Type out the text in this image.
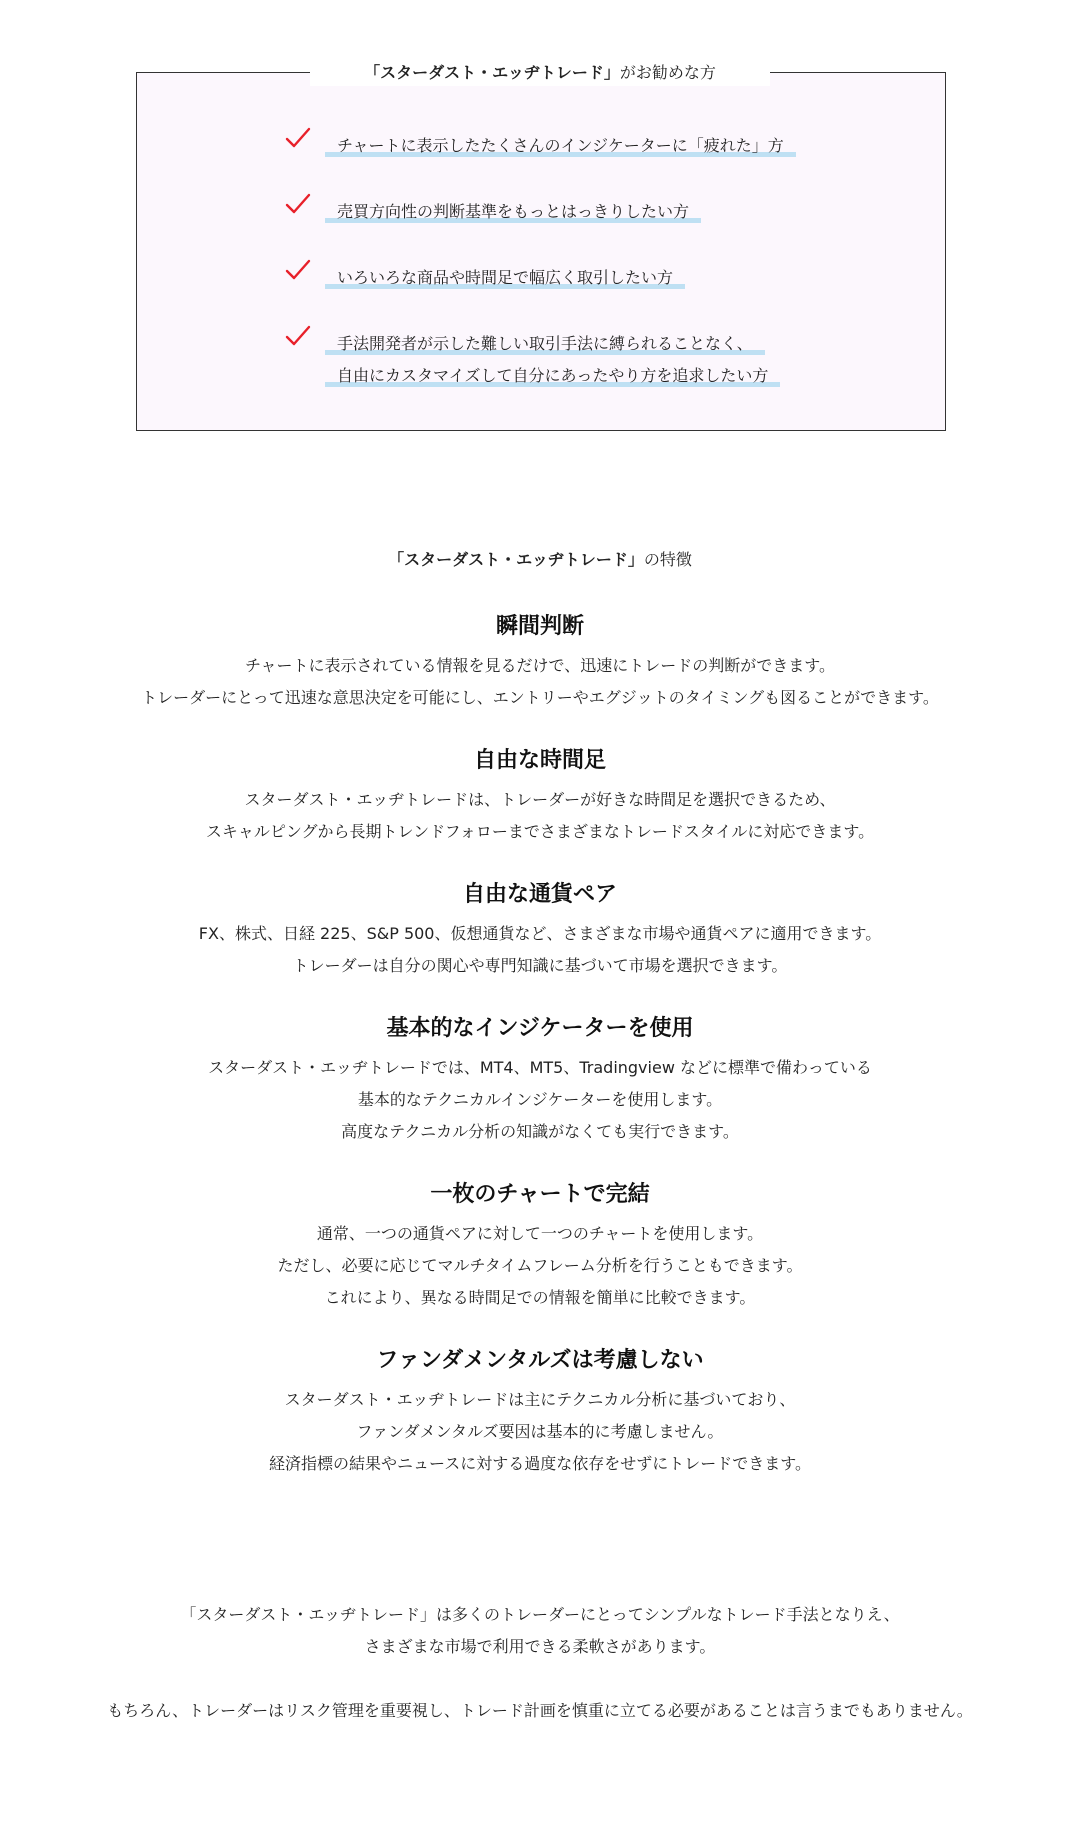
「スターダスト・エッヂトレード」がお勧めな方
チャートに表示したたくさんのインジケーターに「疲れた」方
売買方向性の判断基準をもっとはっきりしたい方
いろいろな商品や時間足で幅広く取引したい方
手法開発者が示した難しい取引手法に縛られることなく、
自由にカスタマイズして自分にあったやり方を追求したい方
「スターダスト・エッヂトレード」の特徴
瞬間判断

チャートに表示されている情報を見るだけで、迅速にトレードの判断ができます。

トレーダーにとって迅速な意思決定を可能にし、エントリーやエグジットのタイミングも図ることができます。

自由な時間足

スターダスト・エッヂトレードは、トレーダーが好きな時間足を選択できるため、

スキャルピングから長期トレンドフォローまでさまざまなトレードスタイルに対応できます。

自由な通貨ペア

FX、株式、日経 225、S&P 500、仮想通貨など、さまざまな市場や通貨ペアに適用できます。

トレーダーは自分の関心や専門知識に基づいて市場を選択できます。

基本的なインジケーターを使用

スターダスト・エッヂトレードでは、MT4、MT5、Tradingview などに標準で備わっている

基本的なテクニカルインジケーターを使用します。

高度なテクニカル分析の知識がなくても実行できます。

一枚のチャートで完結

通常、一つの通貨ペアに対して一つのチャートを使用します。

ただし、必要に応じてマルチタイムフレーム分析を行うこともできます。

これにより、異なる時間足での情報を簡単に比較できます。

ファンダメンタルズは考慮しない

スターダスト・エッヂトレードは主にテクニカル分析に基づいており、

ファンダメンタルズ要因は基本的に考慮しません。

経済指標の結果やニュースに対する過度な依存をせずにトレードできます。

「スターダスト・エッヂトレード」は多くのトレーダーにとってシンプルなトレード手法となりえ、

さまざまな市場で利用できる柔軟さがあります。

もちろん、トレーダーはリスク管理を重要視し、トレード計画を慎重に立てる必要があることは言うまでもありません。
